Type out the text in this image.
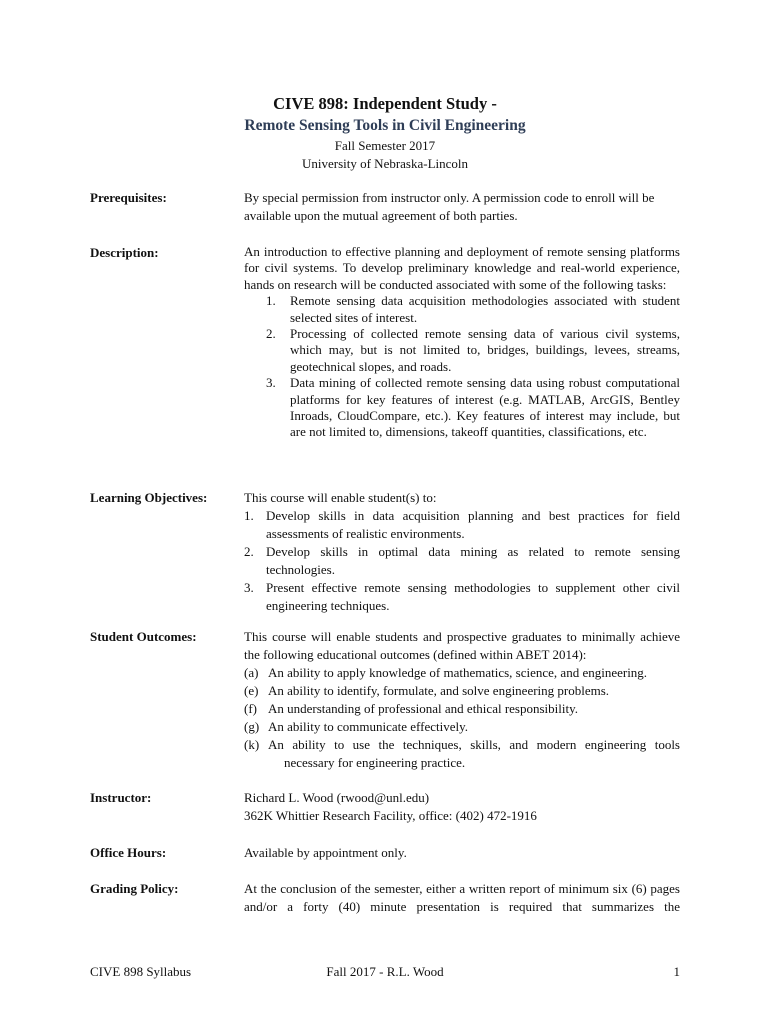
CIVE 898: Independent Study -
Remote Sensing Tools in Civil Engineering
Fall Semester 2017
University of Nebraska-Lincoln
Prerequisites:	By special permission from instructor only. A permission code to enroll will be available upon the mutual agreement of both parties.

Description:	An introduction to effective planning and deployment of remote sensing platforms for civil systems. To develop preliminary knowledge and real-world experience, hands on research will be conducted associated with some of the following tasks:

1. Remote sensing data acquisition methodologies associated with student selected sites of interest.
2. Processing of collected remote sensing data of various civil systems, which may, but is not limited to, bridges, buildings, levees, streams, geotechnical slopes, and roads.
3. Data mining of collected remote sensing data using robust computational platforms for key features of interest (e.g. MATLAB, ArcGIS, Bentley Inroads, CloudCompare, etc.). Key features of interest may include, but are not limited to, dimensions, takeoff quantities, classifications, etc.
Learning Objectives:	This course will enable student(s) to:

1. Develop skills in data acquisition planning and best practices for field assessments of realistic environments.
2. Develop skills in optimal data mining as related to remote sensing technologies.
3. Present effective remote sensing methodologies to supplement other civil engineering techniques.
Student Outcomes:	This course will enable students and prospective graduates to minimally achieve the following educational outcomes (defined within ABET 2014):

(a) An ability to apply knowledge of mathematics, science, and engineering.
(e) An ability to identify, formulate, and solve engineering problems.
(f) An understanding of professional and ethical responsibility.
(g) An ability to communicate effectively.
(k) An ability to use the techniques, skills, and modern engineering tools
necessary for engineering practice.
Instructor:	Richard L. Wood (rwood@unl.edu)

362K Whittier Research Facility, office: (402) 472-1916

Office Hours:	Available by appointment only.

Grading Policy:	At the conclusion of the semester, either a written report of minimum six (6) pages and/or a forty (40) minute presentation is required that summarizes the

Fall 2017 - R.L. Wood
CIVE 898 Syllabus	1
